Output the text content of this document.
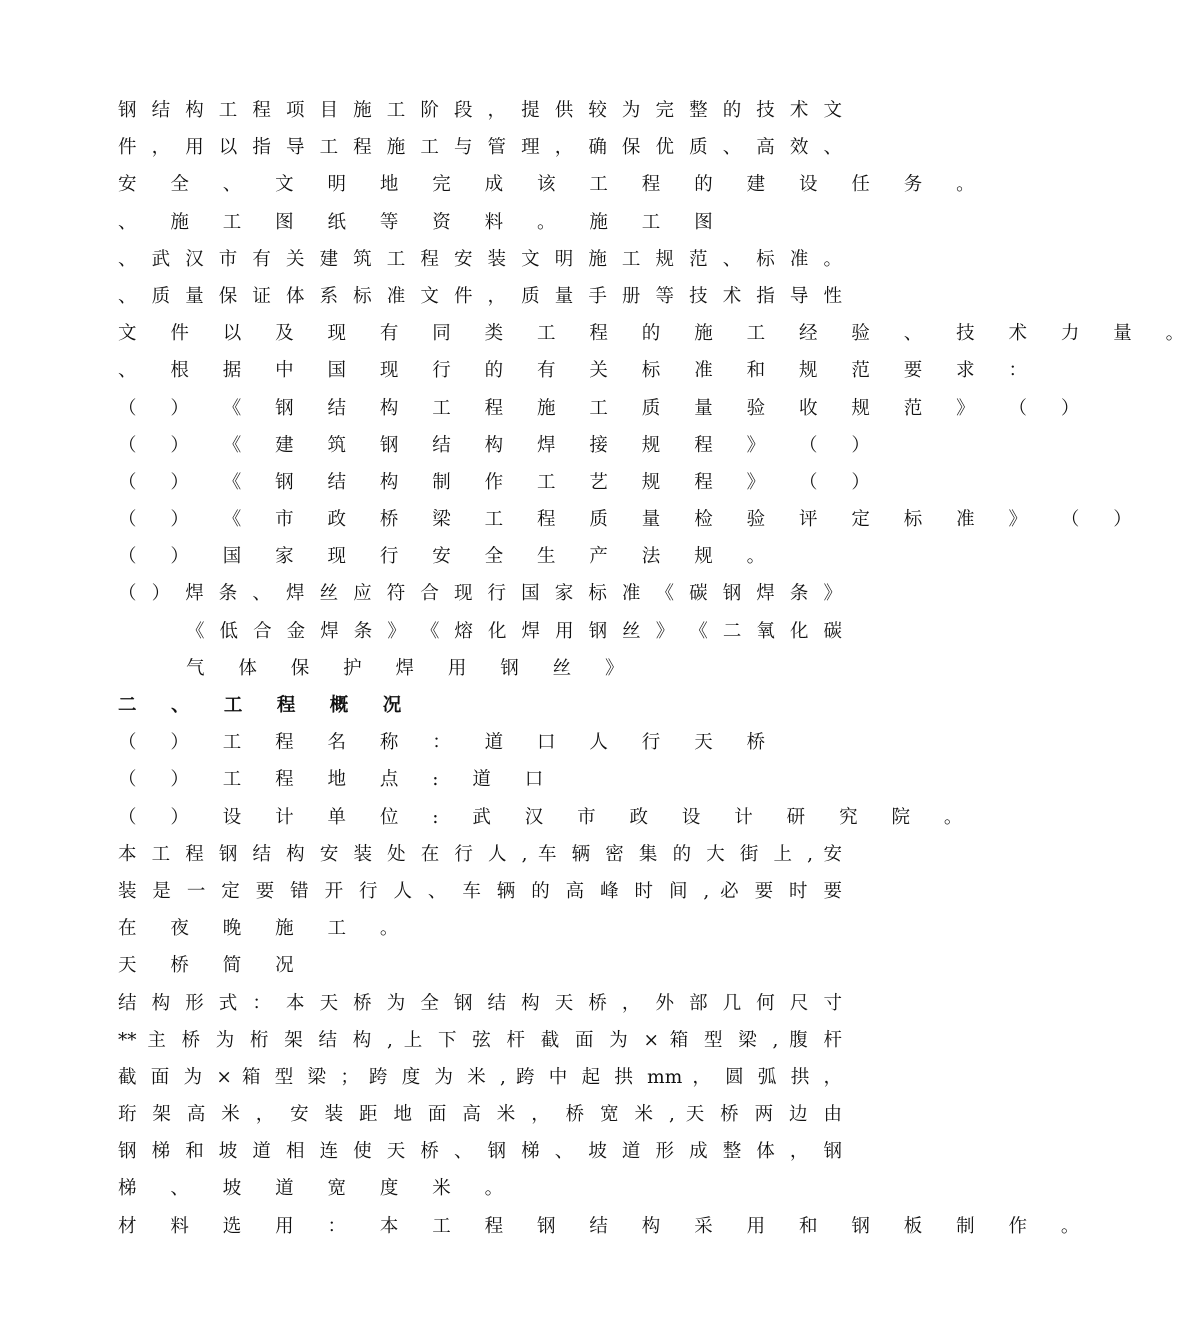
钢 结 构 工 程 项 目 施 工 阶 段 ， 提 供 较 为 完 整 的 技 术 文
件 ， 用 以 指 导 工 程 施 工 与 管 理 ， 确 保 优 质 、 高 效 、
安 全 、 文 明 地 完 成 该 工 程 的 建 设 任 务 。
、 施 工 图 纸 等 资 料 。 施 工 图
、 武 汉 市 有 关 建 筑 工 程 安 装 文 明 施 工 规 范 、 标 准 。
、 质 量 保 证 体 系 标 准 文 件 ， 质 量 手 册 等 技 术 指 导 性
文 件 以 及 现 有 同 类 工 程 的 施 工 经 验 、 技 术 力 量 。
、 根 据 中 国 现 行 的 有 关 标 准 和 规 范 要 求 ：
（ ） 《 钢 结 构 工 程 施 工 质 量 验 收 规 范 》 （ ）
（ ） 《 建 筑 钢 结 构 焊 接 规 程 》 （ ）
（ ） 《 钢 结 构 制 作 工 艺 规 程 》 （ ）
（ ） 《 市 政 桥 梁 工 程 质 量 检 验 评 定 标 准 》 （ ）
（ ） 国 家 现 行 安 全 生 产 法 规 。
（ ） 焊 条 、 焊 丝 应 符 合 现 行 国 家 标 准 《 碳 钢 焊 条 》
《 低 合 金 焊 条 》 《 熔 化 焊 用 钢 丝 》 《 二 氧 化 碳
气 体 保 护 焊 用 钢 丝 》
二 、 工 程 概 况
（ ） 工 程 名 称 ： 道 口 人 行 天 桥
（ ） 工 程 地 点 : 道 口
（ ） 设 计 单 位 : 武 汉 市 政 设 计 研 究 院 。
本 工 程 钢 结 构 安 装 处 在 行 人 , 车 辆 密 集 的 大 街 上 , 安
装 是 一 定 要 错 开 行 人 、 车 辆 的 高 峰 时 间 , 必 要 时 要
在 夜 晚 施 工 。
天 桥 简 况
结 构 形 式 ： 本 天 桥 为 全 钢 结 构 天 桥 ， 外 部 几 何 尺 寸
** 主 桥 为 桁 架 结 构 , 上 下 弦 杆 截 面 为 × 箱 型 梁 , 腹 杆
截 面 为 × 箱 型 梁 ； 跨 度 为 米 , 跨 中 起 拱 mm ， 圆 弧 拱 ，
珩 架 高 米 ， 安 装 距 地 面 高 米 ， 桥 宽 米 , 天 桥 两 边 由
钢 梯 和 坡 道 相 连 使 天 桥 、 钢 梯 、 坡 道 形 成 整 体 ， 钢
梯 、 坡 道 宽 度 米 。
材 料 选 用 ： 本 工 程 钢 结 构 采 用 和 钢 板 制 作 。
